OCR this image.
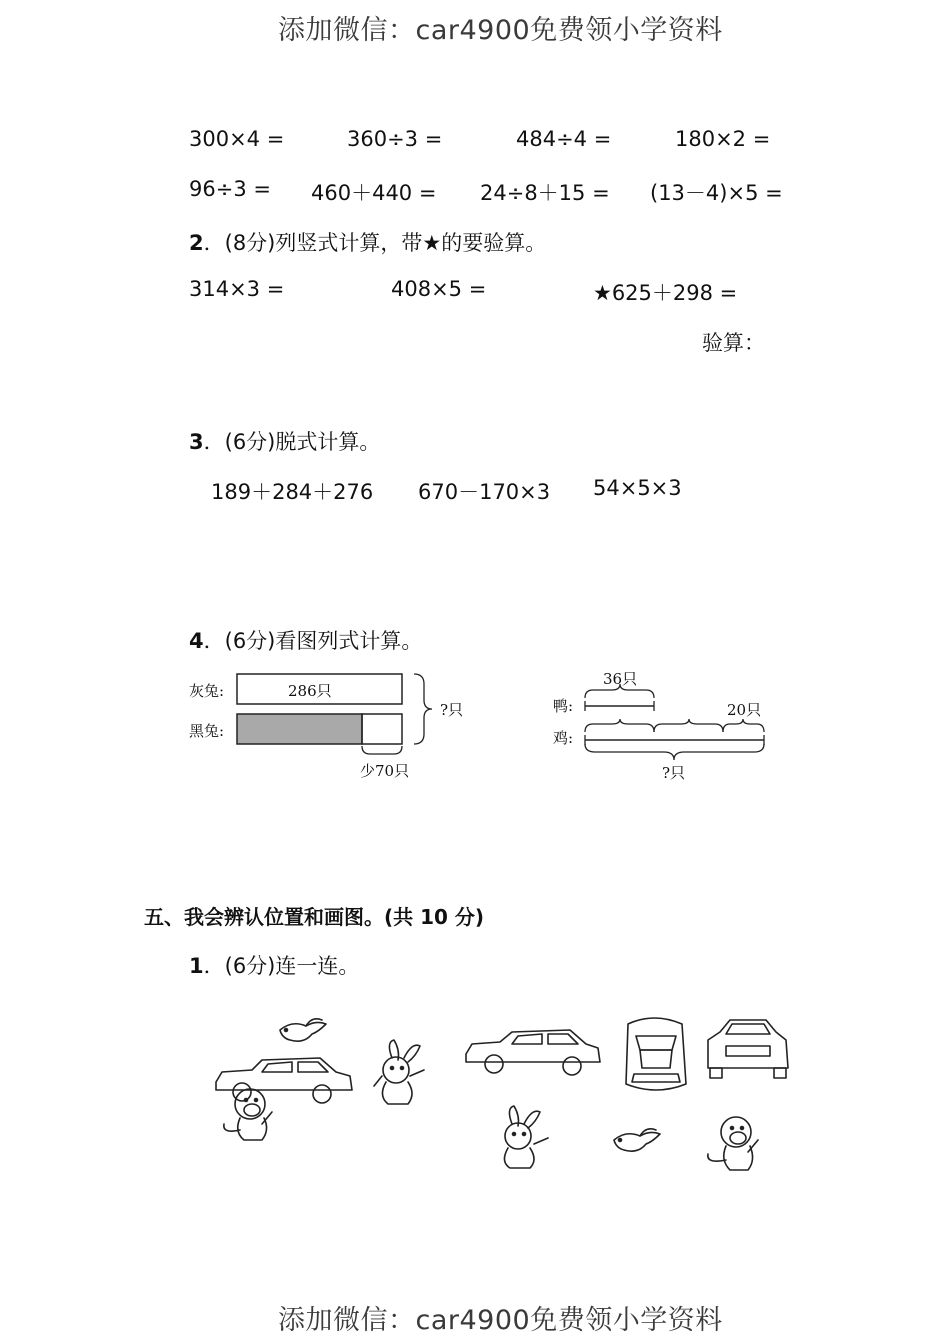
添加微信：car4900免费领小学资料
300×4 =	360÷3 =	484÷4 =	180×2 =
96÷3 = 460＋440 = 24÷8＋15 = (13－4)×5 =
2．(8分)列竖式计算，带★的要验算。
314×3 =	408×5 =	★625＋298 =
验算：
3．(6分)脱式计算。
189＋284＋276 670－170×3 54×5×3
4．(6分)看图列式计算。
灰兔:
黑兔:
286只
少70只
?只
36只
20只
鸭:
鸡:
?只
五、我会辨认位置和画图。(共 10 分)
1．(6分)连一连。
添加微信：car4900免费领小学资料
